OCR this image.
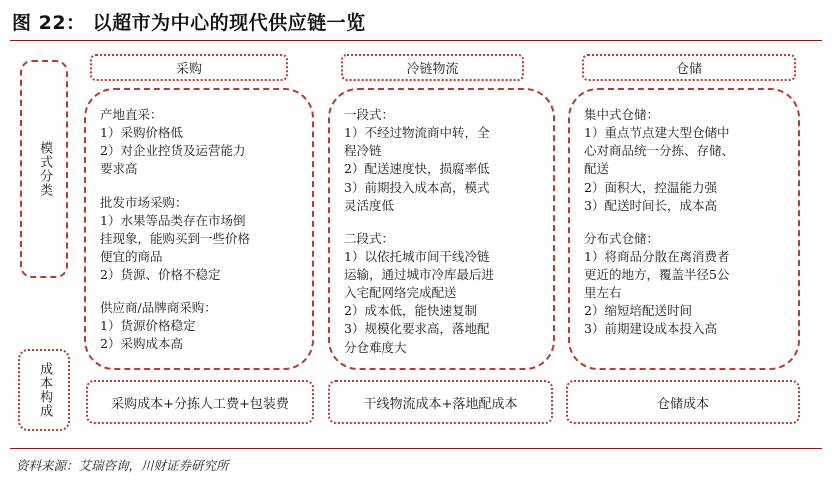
图 22： 以超市为中心的现代供应链一览
采购	冷链物流	仓储
模式分类
成本构成
产地直采：
1）采购价格低
2）对企业控货及运营能力
要求高
批发市场采购：
1）水果等品类存在市场倒
挂现象，能购买到一些价格
便宜的商品
2）货源、价格不稳定
供应商/品牌商采购：
1）货源价格稳定
2）采购成本高
一段式：
1）不经过物流商中转，全
程冷链
2）配送速度快，损腐率低
3）前期投入成本高，模式
灵活度低
二段式：
1）以依托城市间干线冷链
运输，通过城市冷库最后进
入宅配网络完成配送
2）成本低，能快速复制
3）规模化要求高，落地配
分仓难度大
集中式仓储：
1）重点节点建大型仓储中
心对商品统一分拣、存储、
配送
2）面积大，控温能力强
3）配送时间长，成本高
分布式仓储：
1）将商品分散在离消费者
更近的地方，覆盖半径5公
里左右
2）缩短培配送时间
3）前期建设成本投入高
采购成本+分拣人工费+包装费	干线物流成本+落地配成本	仓储成本
资料来源：艾瑞咨询，川财证券研究所
